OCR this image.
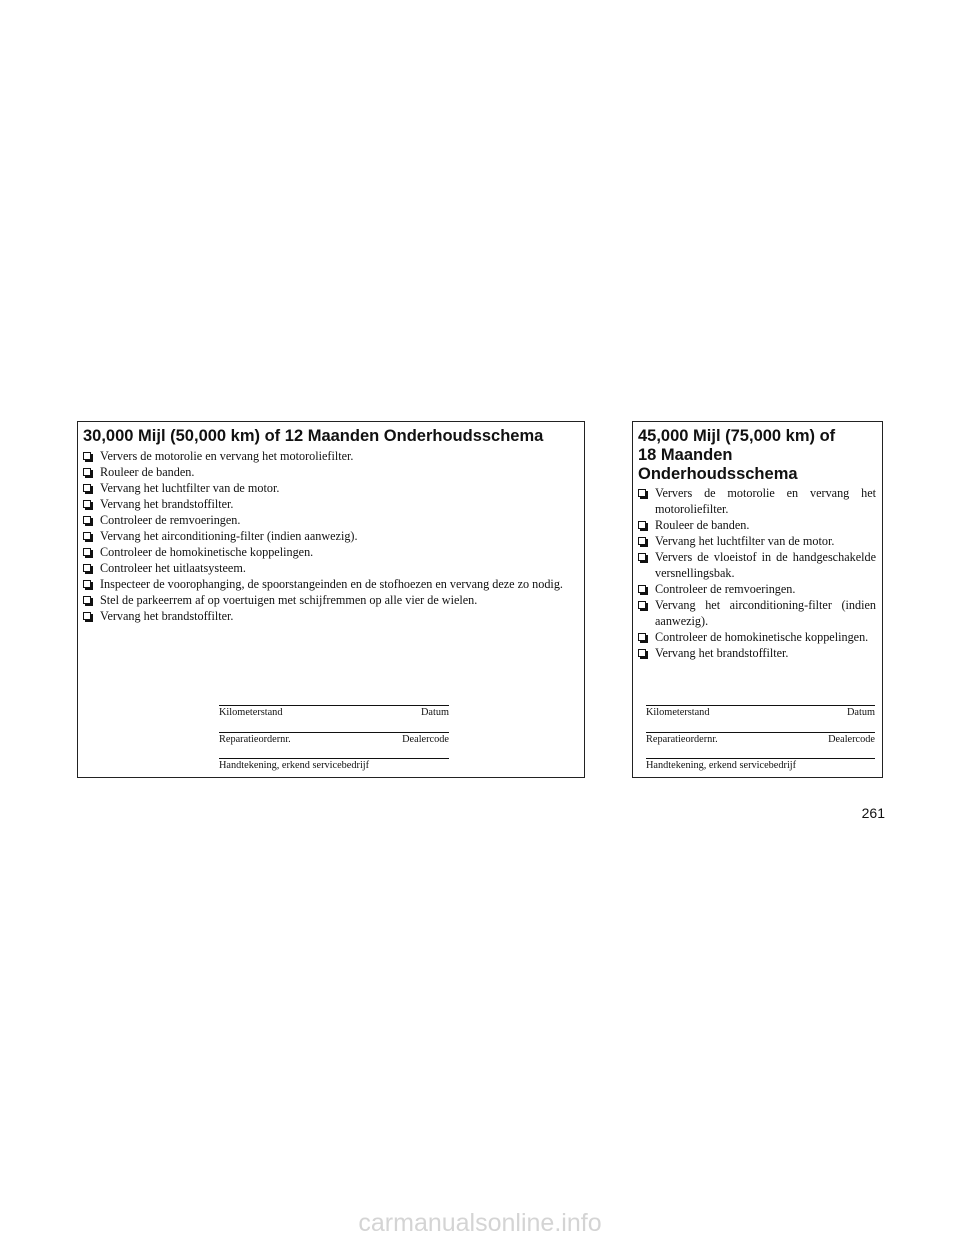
30,000 Mijl (50,000 km) of 12 Maanden Onderhoudsschema
Ververs de motorolie en vervang het motoroliefilter.
Rouleer de banden.
Vervang het luchtfilter van de motor.
Vervang het brandstoffilter.
Controleer de remvoeringen.
Vervang het airconditioning-filter (indien aanwezig).
Controleer de homokinetische koppelingen.
Controleer het uitlaatsysteem.
Inspecteer de voorophanging, de spoorstangeinden en de stofhoezen en vervang deze zo nodig.
Stel de parkeerrem af op voertuigen met schijfremmen op alle vier de wielen.
Vervang het brandstoffilter.
Kilometerstand	Datum
Reparatieordernr.	Dealercode
Handtekening, erkend servicebedrijf
45,000 Mijl (75,000 km) of
18 Maanden
Onderhoudsschema
Ververs de motorolie en vervang het motoroliefilter.
Rouleer de banden.
Vervang het luchtfilter van de motor.
Ververs de vloeistof in de handgeschakelde versnellingsbak.
Controleer de remvoeringen.
Vervang het airconditioning-filter (indien aanwezig).
Controleer de homokinetische koppelingen.
Vervang het brandstoffilter.
Kilometerstand	Datum
Reparatieordernr.	Dealercode
Handtekening, erkend servicebedrijf
261
carmanualsonline.info
